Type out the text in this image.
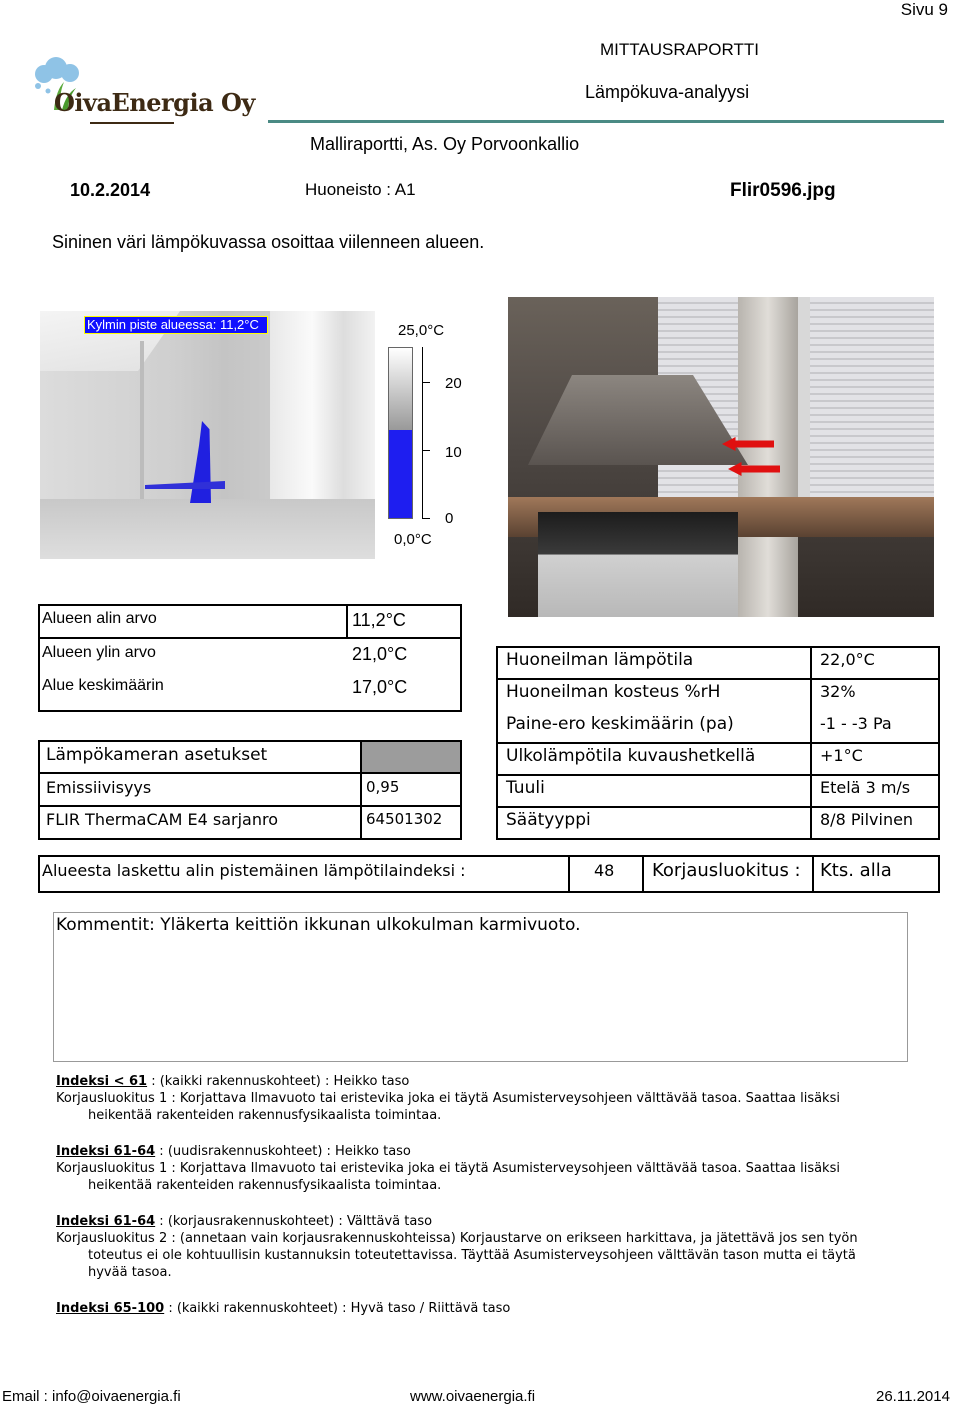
Sivu 9
OivaEnergia Oy
MITTAUSRAPORTTI
Lämpökuva-analyysi
Malliraportti, As. Oy Porvoonkallio
10.2.2014	Huoneisto : A1	Flir0596.jpg
Sininen väri lämpökuvassa osoittaa viilenneen alueen.
Kylmin piste alueessa: 11,2°C	25,0°C
20
10
0
0,0°C
Alueen alin arvo	11,2°C
Alueen ylin arvo	21,0°C
Alue keskimäärin	17,0°C
Lämpökameran asetukset
Emissiivisyys	0,95
FLIR ThermaCAM E4 sarjanro	64501302
Huoneilman lämpötila	22,0°C
Huoneilman kosteus %rH	32%
Paine-ero keskimäärin (pa)	-1 - -3 Pa
Ulkolämpötila kuvaushetkellä	+1°C
Tuuli	Etelä 3 m/s
Säätyyppi	8/8 Pilvinen
Alueesta laskettu alin pistemäinen lämpötilaindeksi :	48 Korjausluokitus : Kts. alla
Kommentit: Yläkerta keittiön ikkunan ulkokulman karmivuoto.
Indeksi < 61 : (kaikki rakennuskohteet) : Heikko taso
Korjausluokitus 1 : Korjattava Ilmavuoto tai eristevika joka ei täytä Asumisterveysohjeen välttävää tasoa. Saattaa lisäksi
heikentää rakenteiden rakennusfysikaalista toimintaa.
Indeksi 61-64 : (uudisrakennuskohteet) : Heikko taso
Korjausluokitus 1 : Korjattava Ilmavuoto tai eristevika joka ei täytä Asumisterveysohjeen välttävää tasoa. Saattaa lisäksi
heikentää rakenteiden rakennusfysikaalista toimintaa.
Indeksi 61-64 : (korjausrakennuskohteet) : Välttävä taso
Korjausluokitus 2 : (annetaan vain korjausrakennuskohteissa) Korjaustarve on erikseen harkittava, ja jätettävä jos sen työn
toteutus ei ole kohtuullisin kustannuksin toteutettavissa. Täyttää Asumisterveysohjeen välttävän tason mutta ei täytä
hyvää tasoa.
Indeksi 65-100 : (kaikki rakennuskohteet) : Hyvä taso / Riittävä taso
Email : info@oivaenergia.fi	www.oivaenergia.fi	26.11.2014
